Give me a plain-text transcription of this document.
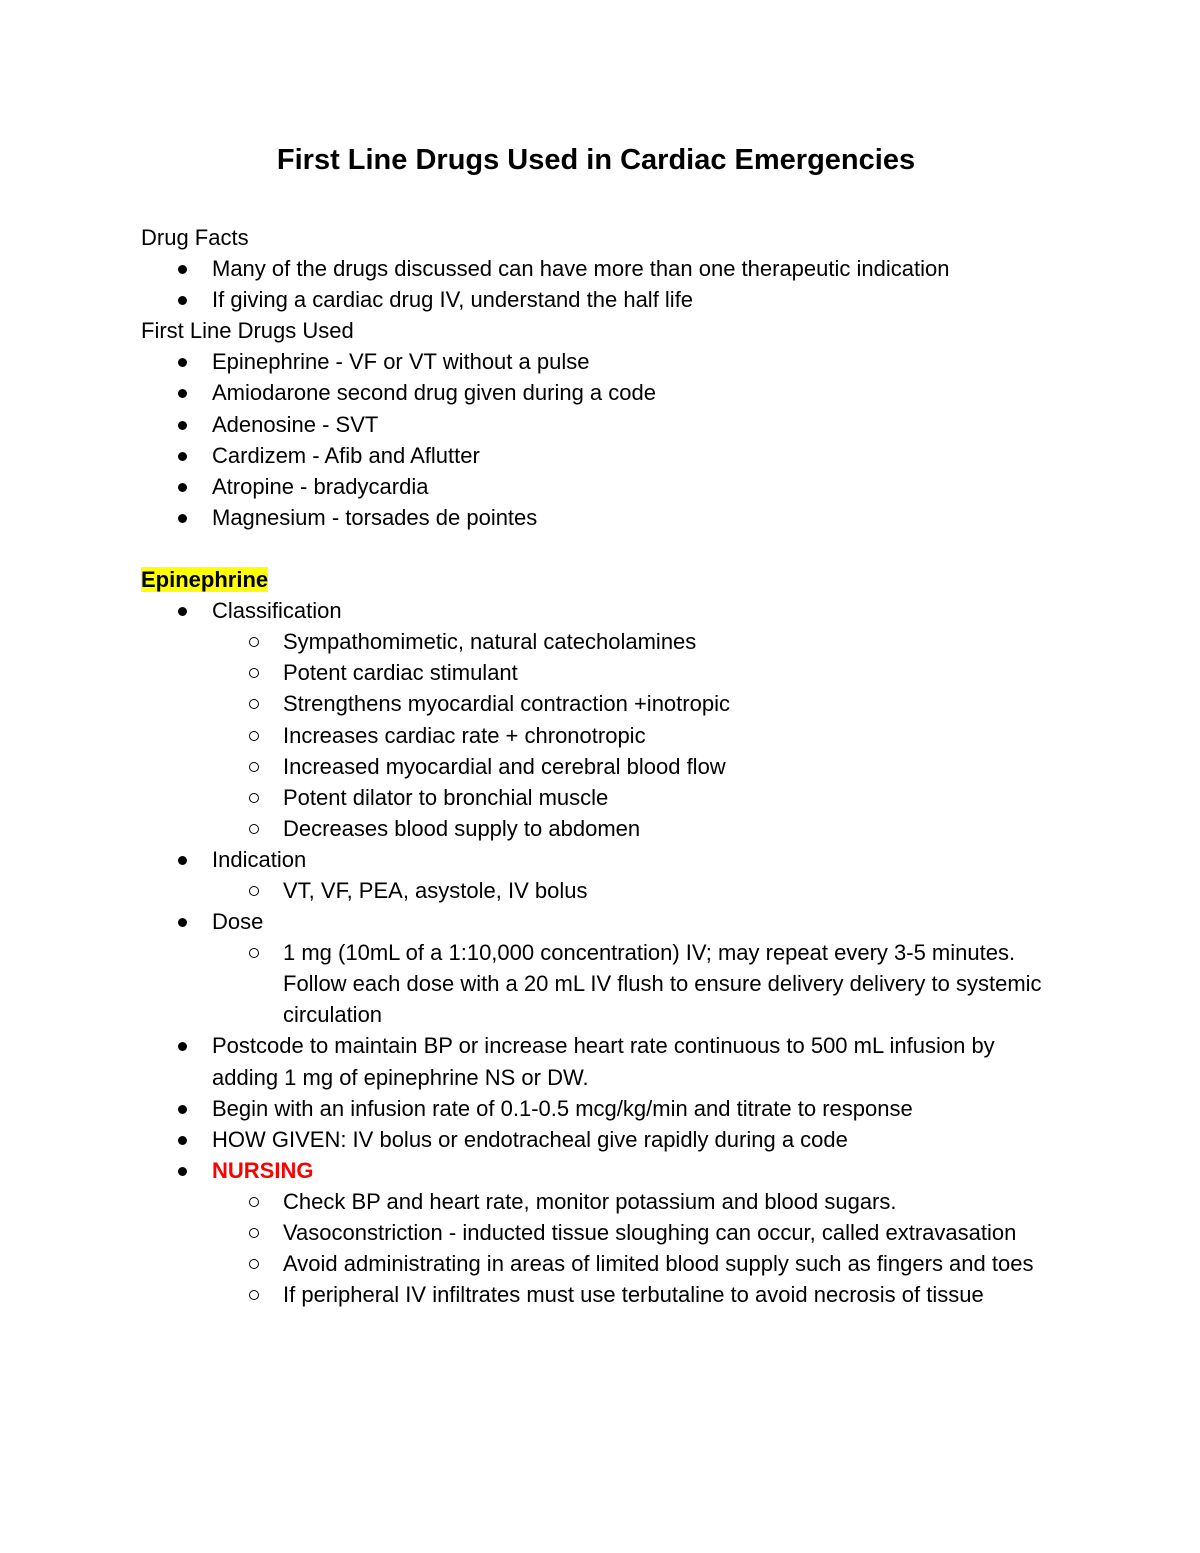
First Line Drugs Used in Cardiac Emergencies

Drug Facts

Many of the drugs discussed can have more than one therapeutic indication
If giving a cardiac drug IV, understand the half life

First Line Drugs Used

Epinephrine - VF or VT without a pulse
Amiodarone second drug given during a code
Adenosine - SVT
Cardizem - Afib and Aflutter
Atropine - bradycardia
Magnesium - torsades de pointes

Epinephrine

Classification
Sympathomimetic, natural catecholamines
Potent cardiac stimulant
Strengthens myocardial contraction +inotropic
Increases cardiac rate + chronotropic
Increased myocardial and cerebral blood flow
Potent dilator to bronchial muscle
Decreases blood supply to abdomen
Indication
VT, VF, PEA, asystole, IV bolus
Dose
1 mg (10mL of a 1:10,000 concentration) IV; may repeat every 3-5 minutes. Follow each dose with a 20 mL IV flush to ensure delivery delivery to systemic circulation
Postcode to maintain BP or increase heart rate continuous to 500 mL infusion by adding 1 mg of epinephrine NS or DW.
Begin with an infusion rate of 0.1-0.5 mcg/kg/min and titrate to response
HOW GIVEN: IV bolus or endotracheal give rapidly during a code
NURSING
Check BP and heart rate, monitor potassium and blood sugars.
Vasoconstriction - inducted tissue sloughing can occur, called extravasation
Avoid administrating in areas of limited blood supply such as fingers and toes
If peripheral IV infiltrates must use terbutaline to avoid necrosis of tissue
